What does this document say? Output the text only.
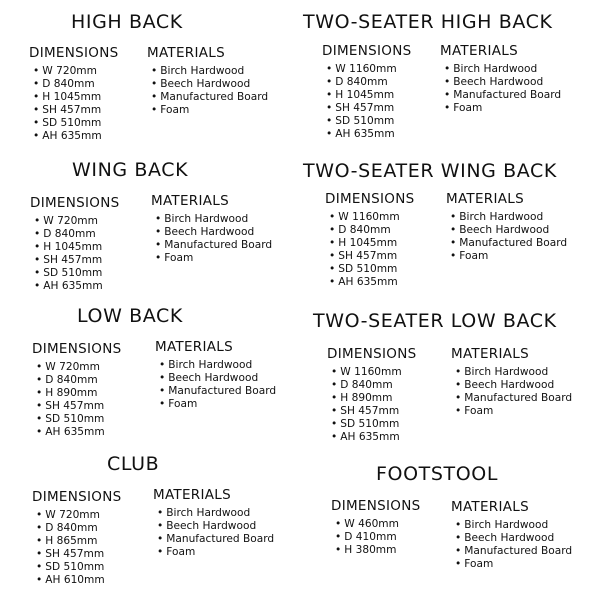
HIGH BACK
DIMENSIONS
• W 720mm
• D 840mm
• H 1045mm
• SH 457mm
• SD 510mm
• AH 635mm
MATERIALS
• Birch Hardwood
• Beech Hardwood
• Manufactured Board
• Foam
TWO-SEATER HIGH BACK
DIMENSIONS
• W 1160mm
• D 840mm
• H 1045mm
• SH 457mm
• SD 510mm
• AH 635mm
MATERIALS
• Birch Hardwood
• Beech Hardwood
• Manufactured Board
• Foam
WING BACK
DIMENSIONS
• W 720mm
• D 840mm
• H 1045mm
• SH 457mm
• SD 510mm
• AH 635mm
MATERIALS
• Birch Hardwood
• Beech Hardwood
• Manufactured Board
• Foam
TWO-SEATER WING BACK
DIMENSIONS
• W 1160mm
• D 840mm
• H 1045mm
• SH 457mm
• SD 510mm
• AH 635mm
MATERIALS
• Birch Hardwood
• Beech Hardwood
• Manufactured Board
• Foam
LOW BACK
DIMENSIONS
• W 720mm
• D 840mm
• H 890mm
• SH 457mm
• SD 510mm
• AH 635mm
MATERIALS
• Birch Hardwood
• Beech Hardwood
• Manufactured Board
• Foam
TWO-SEATER LOW BACK
DIMENSIONS
• W 1160mm
• D 840mm
• H 890mm
• SH 457mm
• SD 510mm
• AH 635mm
MATERIALS
• Birch Hardwood
• Beech Hardwood
• Manufactured Board
• Foam
CLUB
DIMENSIONS
• W 720mm
• D 840mm
• H 865mm
• SH 457mm
• SD 510mm
• AH 610mm
MATERIALS
• Birch Hardwood
• Beech Hardwood
• Manufactured Board
• Foam
FOOTSTOOL
DIMENSIONS
• W 460mm
• D 410mm
• H 380mm
MATERIALS
• Birch Hardwood
• Beech Hardwood
• Manufactured Board
• Foam
